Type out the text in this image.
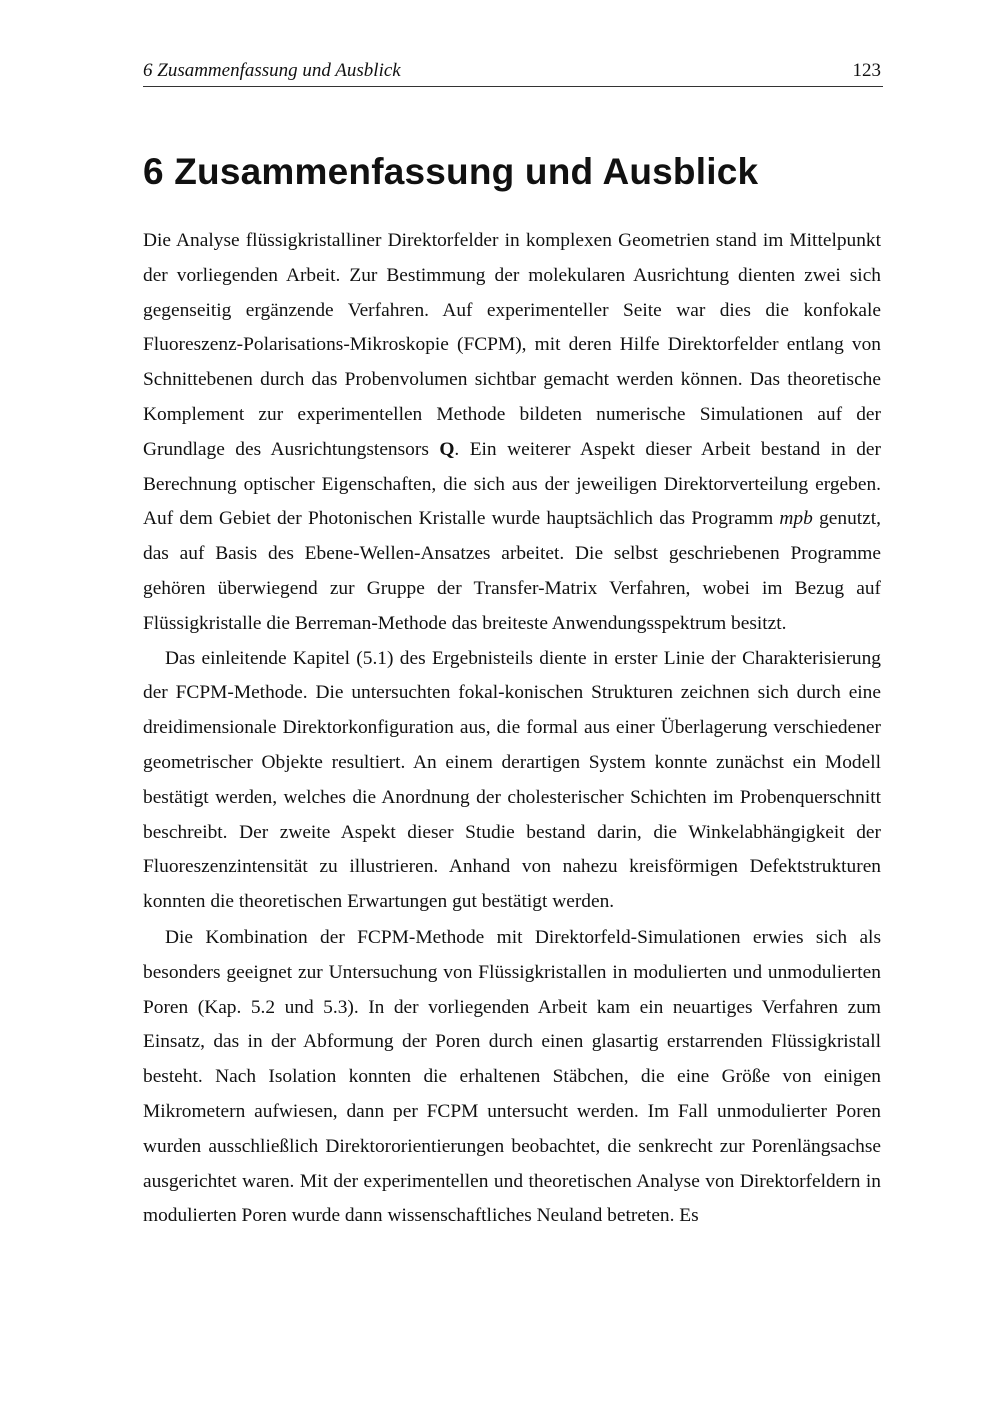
6 Zusammenfassung und Ausblick	123
6 Zusammenfassung und Ausblick

Die Analyse flüssigkristalliner Direktorfelder in komplexen Geometrien stand im Mittelpunkt der vorliegenden Arbeit. Zur Bestimmung der molekularen Ausrichtung dienten zwei sich gegenseitig ergänzende Verfahren. Auf experimenteller Seite war dies die konfokale Fluoreszenz-Polarisations-Mikroskopie (FCPM), mit deren Hilfe Direktorfelder entlang von Schnittebenen durch das Probenvolumen sichtbar gemacht werden können. Das theoretische Komplement zur experimentellen Methode bildeten numerische Simulationen auf der Grundlage des Ausrichtungstensors Q. Ein weiterer Aspekt dieser Arbeit bestand in der Berechnung optischer Eigenschaften, die sich aus der jeweiligen Direktorverteilung ergeben. Auf dem Gebiet der Photonischen Kristalle wurde hauptsächlich das Programm mpb genutzt, das auf Basis des Ebene-Wellen-Ansatzes arbeitet. Die selbst geschriebenen Programme gehören überwiegend zur Gruppe der Transfer-Matrix Verfahren, wobei im Bezug auf Flüssigkristalle die Berreman-Methode das breiteste Anwendungsspektrum besitzt.

Das einleitende Kapitel (5.1) des Ergebnisteils diente in erster Linie der Charakterisierung der FCPM-Methode. Die untersuchten fokal-konischen Strukturen zeichnen sich durch eine dreidimensionale Direktorkonfiguration aus, die formal aus einer Überlagerung verschiedener geometrischer Objekte resultiert. An einem derartigen System konnte zunächst ein Modell bestätigt werden, welches die Anordnung der cholesterischer Schichten im Probenquerschnitt beschreibt. Der zweite Aspekt dieser Studie bestand darin, die Winkelabhängigkeit der Fluoreszenzintensität zu illustrieren. Anhand von nahezu kreisförmigen Defektstrukturen konnten die theoretischen Erwartungen gut bestätigt werden.

Die Kombination der FCPM-Methode mit Direktorfeld-Simulationen erwies sich als besonders geeignet zur Untersuchung von Flüssigkristallen in modulierten und unmodulierten Poren (Kap. 5.2 und 5.3). In der vorliegenden Arbeit kam ein neuartiges Verfahren zum Einsatz, das in der Abformung der Poren durch einen glasartig erstarrenden Flüssigkristall besteht. Nach Isolation konnten die erhaltenen Stäbchen, die eine Größe von einigen Mikrometern aufwiesen, dann per FCPM untersucht werden. Im Fall unmodulierter Poren wurden ausschließlich Direktororientierungen beobachtet, die senkrecht zur Porenlängsachse ausgerichtet waren. Mit der experimentellen und theoretischen Analyse von Direktorfeldern in modulierten Poren wurde dann wissenschaftliches Neuland betreten. Es
